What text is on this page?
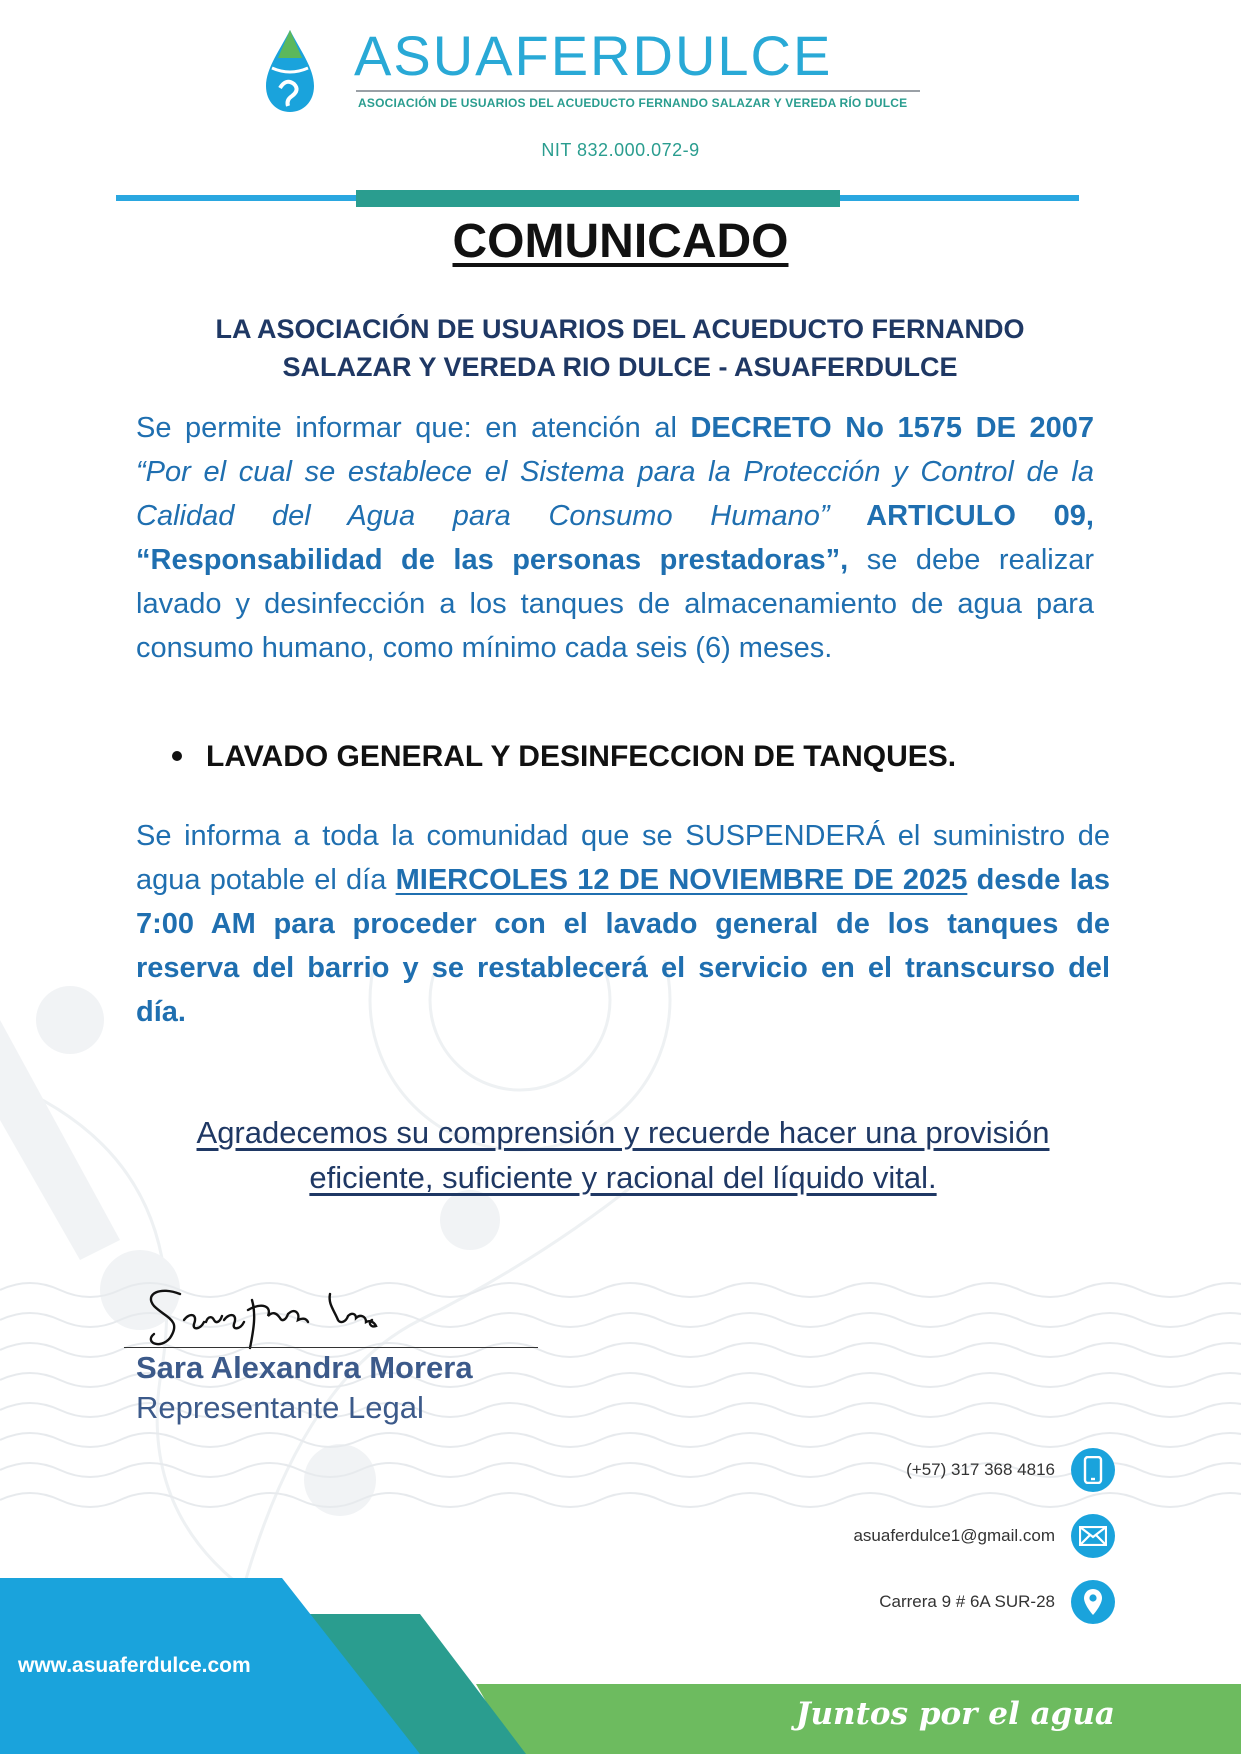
ASUAFERDULCE
ASOCIACIÓN DE USUARIOS DEL ACUEDUCTO FERNANDO SALAZAR Y VEREDA RÍO DULCE
NIT 832.000.072-9
COMUNICADO
LA ASOCIACIÓN DE USUARIOS DEL ACUEDUCTO FERNANDO
SALAZAR Y VEREDA RIO DULCE - ASUAFERDULCE
Se permite informar que: en atención al DECRETO No 1575 DE 2007 “Por el cual se establece el Sistema para la Protección y Control de la Calidad del Agua para Consumo Humano” ARTICULO 09, “Responsabilidad de las personas prestadoras”, se debe realizar lavado y desinfección a los tanques de almacenamiento de agua para consumo humano, como mínimo cada seis (6) meses.
LAVADO GENERAL Y DESINFECCION DE TANQUES.
Se informa a toda la comunidad que se SUSPENDERÁ el suministro de agua potable el día MIERCOLES 12 DE NOVIEMBRE DE 2025 desde las 7:00 AM para proceder con el lavado general de los tanques de reserva del barrio y se restablecerá el servicio en el transcurso del día.
Agradecemos su comprensión y recuerde hacer una provisión eficiente, suficiente y racional del líquido vital.
Sara Alexandra Morera
Representante Legal
(+57) 317 368 4816
asuaferdulce1@gmail.com
Carrera 9 # 6A SUR-28
www.asuaferdulce.com
Juntos por el agua
